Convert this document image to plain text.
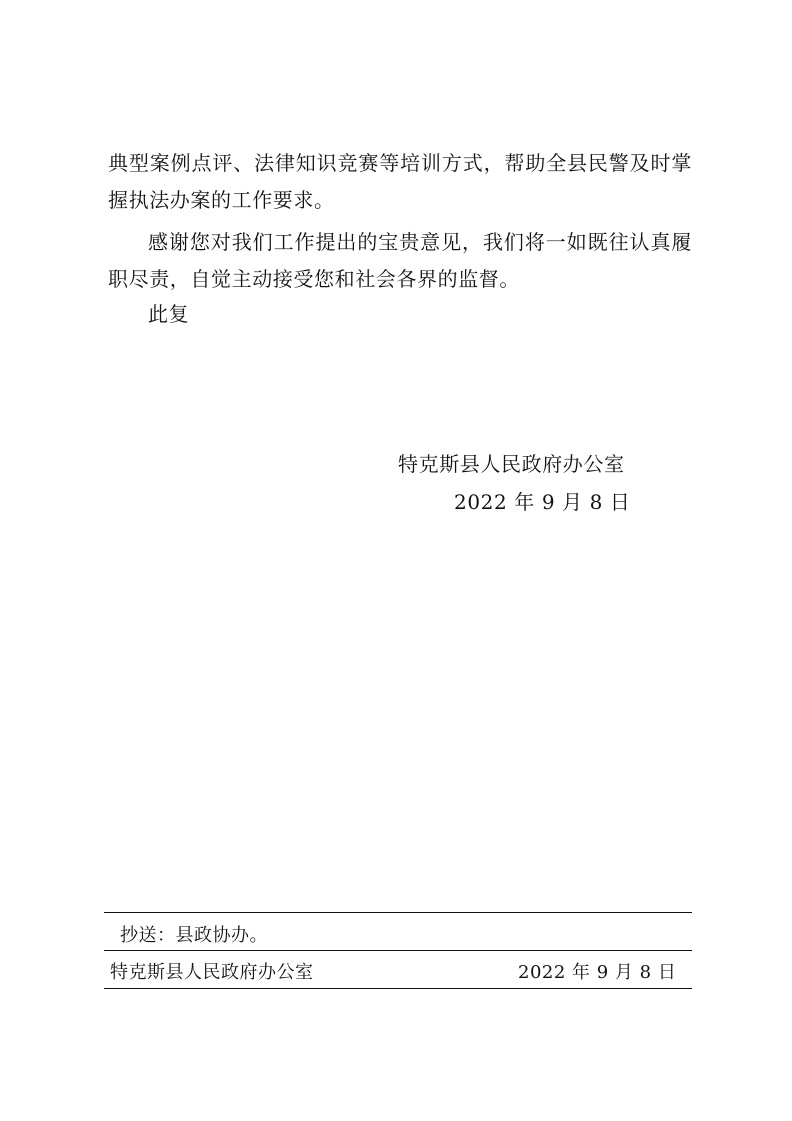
典型案例点评、法律知识竞赛等培训方式，帮助全县民警及时掌
握执法办案的工作要求。
感谢您对我们工作提出的宝贵意见，我们将一如既往认真履
职尽责，自觉主动接受您和社会各界的监督。
此复
特克斯县人民政府办公室
2022 年 9 月 8 日
抄送：县政协办。
特克斯县人民政府办公室	2022 年 9 月 8 日
